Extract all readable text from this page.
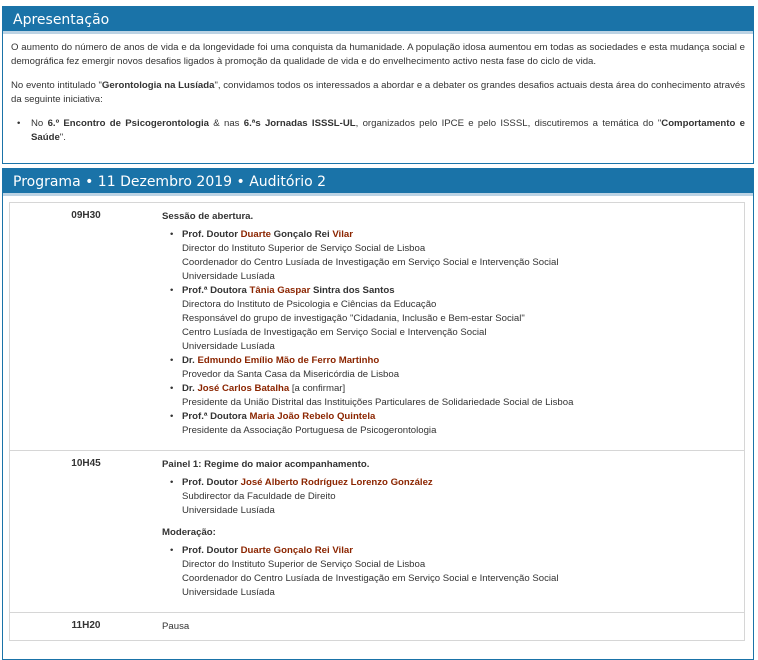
Apresentação

O aumento do número de anos de vida e da longevidade foi uma conquista da humanidade. A população idosa aumentou em todas as sociedades e esta mudança social e demográfica fez emergir novos desafios ligados à promoção da qualidade de vida e do envelhecimento activo nesta fase do ciclo de vida.

No evento intitulado "Gerontologia na Lusíada", convidamos todos os interessados a abordar e a debater os grandes desafios actuais desta área do conhecimento através da seguinte iniciativa:

• No 6.º Encontro de Psicogerontologia & nas 6.ªs Jornadas ISSSL-UL, organizados pelo IPCE e pelo ISSSL, discutiremos a temática do "Comportamento e Saúde".
Programa • 11 Dezembro 2019 • Auditório 2
09H30	Sessão de abertura.

• Prof. Doutor Duarte Gonçalo Rei Vilar
Director do Instituto Superior de Serviço Social de Lisboa
Coordenador do Centro Lusíada de Investigação em Serviço Social e Intervenção Social
Universidade Lusíada
• Prof.ª Doutora Tânia Gaspar Sintra dos Santos
Directora do Instituto de Psicologia e Ciências da Educação
Responsável do grupo de investigação "Cidadania, Inclusão e Bem-estar Social"
Centro Lusíada de Investigação em Serviço Social e Intervenção Social
Universidade Lusíada
• Dr. Edmundo Emílio Mão de Ferro Martinho
Provedor da Santa Casa da Misericórdia de Lisboa
• Dr. José Carlos Batalha [a confirmar]
Presidente da União Distrital das Instituições Particulares de Solidariedade Social de Lisboa
• Prof.ª Doutora Maria João Rebelo Quintela
Presidente da Associação Portuguesa de Psicogerontologia
10H45	Painel 1: Regime do maior acompanhamento.

• Prof. Doutor José Alberto Rodríguez Lorenzo González
Subdirector da Faculdade de Direito
Universidade Lusíada

Moderação:

• Prof. Doutor Duarte Gonçalo Rei Vilar
Director do Instituto Superior de Serviço Social de Lisboa
Coordenador do Centro Lusíada de Investigação em Serviço Social e Intervenção Social
Universidade Lusíada
11H20	Pausa
